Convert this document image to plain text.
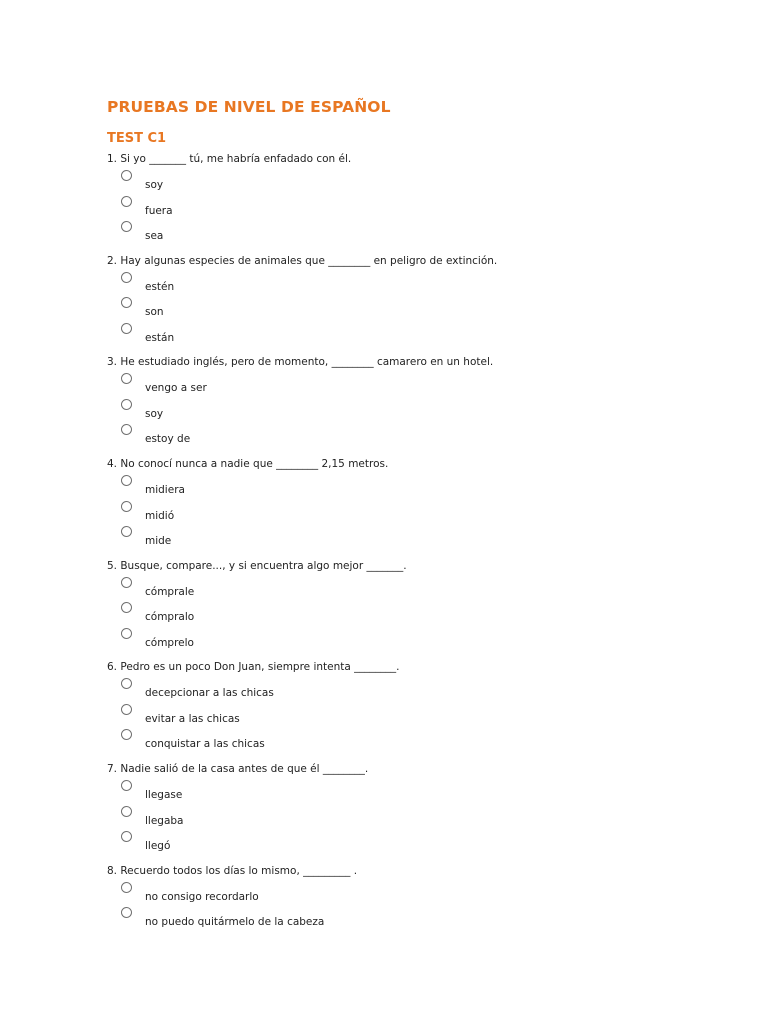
PRUEBAS DE NIVEL DE ESPAÑOL
TEST C1

1. Si yo _______ tú, me habría enfadado con él.

soy
fuera
sea

2. Hay algunas especies de animales que ________ en peligro de extinción.

estén
son
están

3. He estudiado inglés, pero de momento, ________ camarero en un hotel.

vengo a ser
soy
estoy de

4. No conocí nunca a nadie que ________ 2,15 metros.

midiera
midió
mide

5. Busque, compare..., y si encuentra algo mejor _______.

cómprale
cómpralo
cómprelo

6. Pedro es un poco Don Juan, siempre intenta ________.

decepcionar a las chicas
evitar a las chicas
conquistar a las chicas

7. Nadie salió de la casa antes de que él ________.

llegase
llegaba
llegó

8. Recuerdo todos los días lo mismo, _________ .

no consigo recordarlo
no puedo quitármelo de la cabeza
